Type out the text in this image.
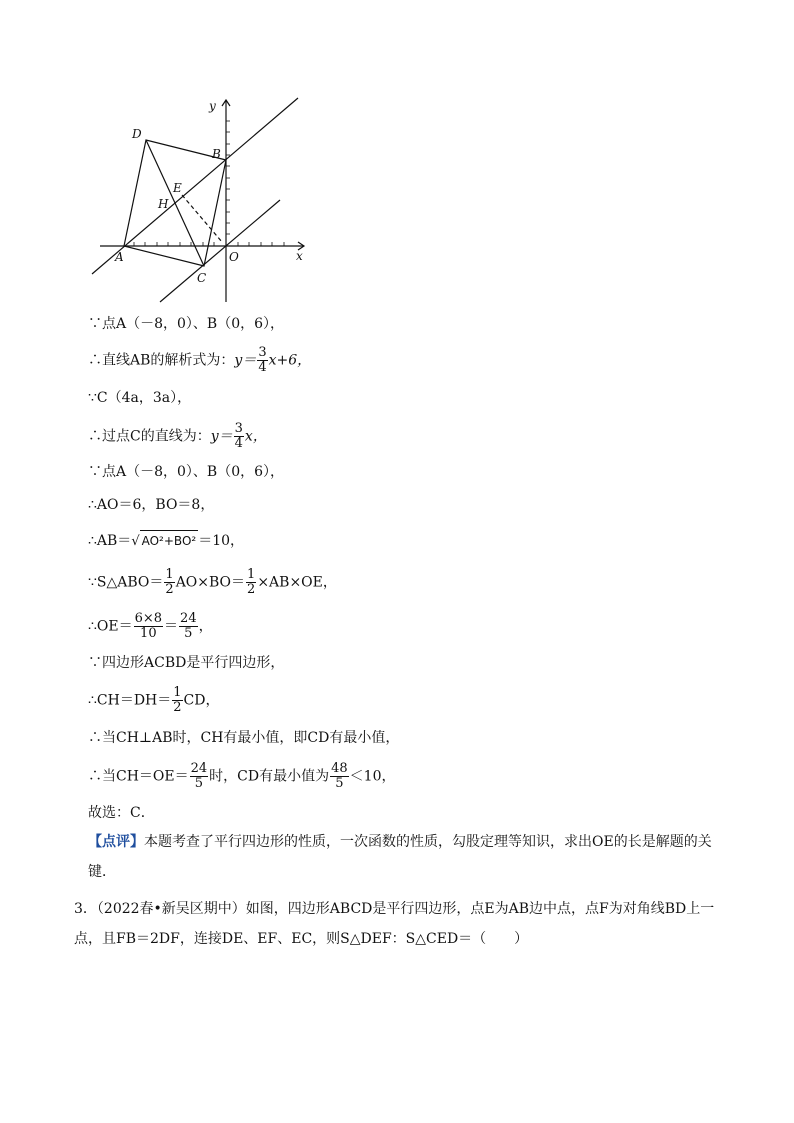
y
x
O
A
B
C
D
E
H
∵点A（－8，0）、B（0，6），
∴直线AB的解析式为：$y= \frac{3}{4} x+6$，
∵C（4a，3a），
∴过点C的直线为：$y= \frac{3}{4}$ x，
∵点A（－8，0）、B（0，6），
∴AO＝6，BO＝8，
∴AB＝√ AO²+BO² ＝10，
∵S△ABO＝ $\frac{1}{2} AO\times BO= \frac{1}{2} \times AB\times OE$，
∴OE＝ $\frac{6\times 8}{10} = \frac{24}{5}$ ，
∵四边形ACBD是平行四边形，
∴CH＝DH＝ $\frac{1}{2}$ CD，
∴当CH⊥AB时，CH有最小值，即CD有最小值，
∴当$CH=OE= \frac{24}{5}$ 时，CD有最小值为 $\frac{48}{5} <10$，
故选：C．
【点评】本题考查了平行四边形的性质，一次函数的性质，勾股定理等知识，求出OE的长是解题的关键．
3．（2022春•新吴区期中）如图，四边形ABCD是平行四边形，点E为AB边中点，点F为对角线BD上一点，且FB＝2DF，连接DE、EF、EC，则S△DEF：S△CED＝（　　）
